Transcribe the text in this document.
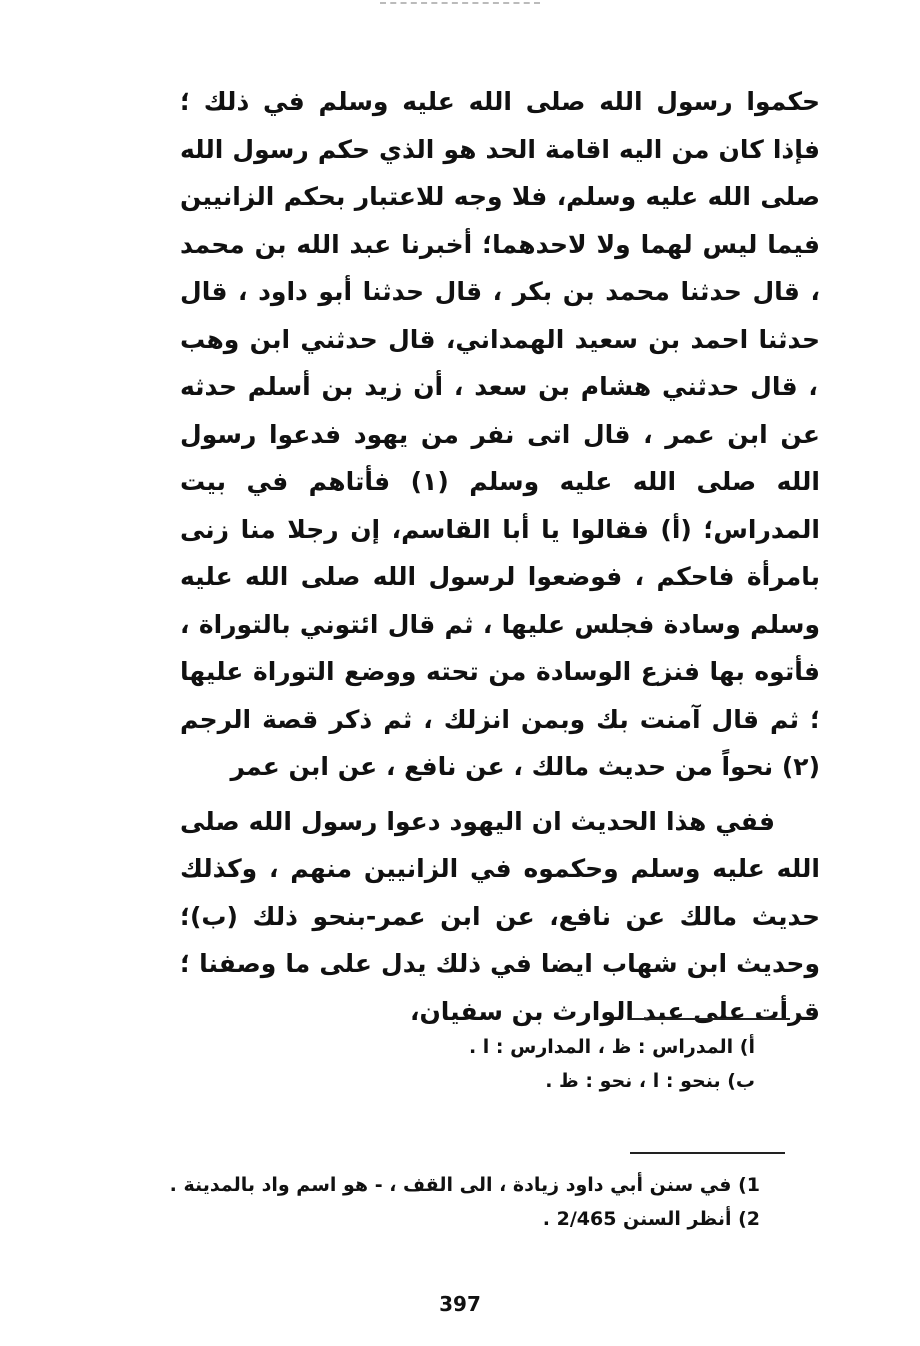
حكموا رسول الله صلى الله عليه وسلم في ذلك ؛ فإذا كان من اليه اقامة الحد هو الذي حكم رسول الله صلى الله عليه وسلم، فلا وجه للاعتبار بحكم الزانيين فيما ليس لهما ولا لاحدهما؛ أخبرنا عبد الله بن محمد ، قال حدثنا محمد بن بكر ، قال حدثنا أبو داود ، قال حدثنا احمد بن سعيد الهمداني، قال حدثني ابن وهب ، قال حدثني هشام بن سعد ، أن زيد بن أسلم حدثه عن ابن عمر ، قال اتى نفر من يهود فدعوا رسول الله صلى الله عليه وسلم (١) فأتاهم في بيت المدراس؛ (أ) فقالوا يا أبا القاسم، إن رجلا منا زنى بامرأة فاحكم ، فوضعوا لرسول الله صلى الله عليه وسلم وسادة فجلس عليها ، ثم قال ائتوني بالتوراة ، فأتوه بها فنزع الوسادة من تحته ووضع التوراة عليها ؛ ثم قال آمنت بك وبمن انزلك ، ثم ذكر قصة الرجم (٢) نحواً من حديث مالك ، عن نافع ، عن ابن عمر

ففي هذا الحديث ان اليهود دعوا رسول الله صلى الله عليه وسلم وحكموه في الزانيين منهم ، وكذلك حديث مالك عن نافع، عن ابن عمر-بنحو ذلك (ب)؛ وحديث ابن شهاب ايضا في ذلك يدل على ما وصفنا ؛ قرأت على عبد الوارث بن سفيان،

أ) المدراس : ظ ، المدارس : ا .
ب) بنحو : ا ، نحو : ظ .
1) في سنن أبي داود زيادة ، الى القف ، - هو اسم واد بالمدينة .
2) أنظر السنن 2/465 .
397
